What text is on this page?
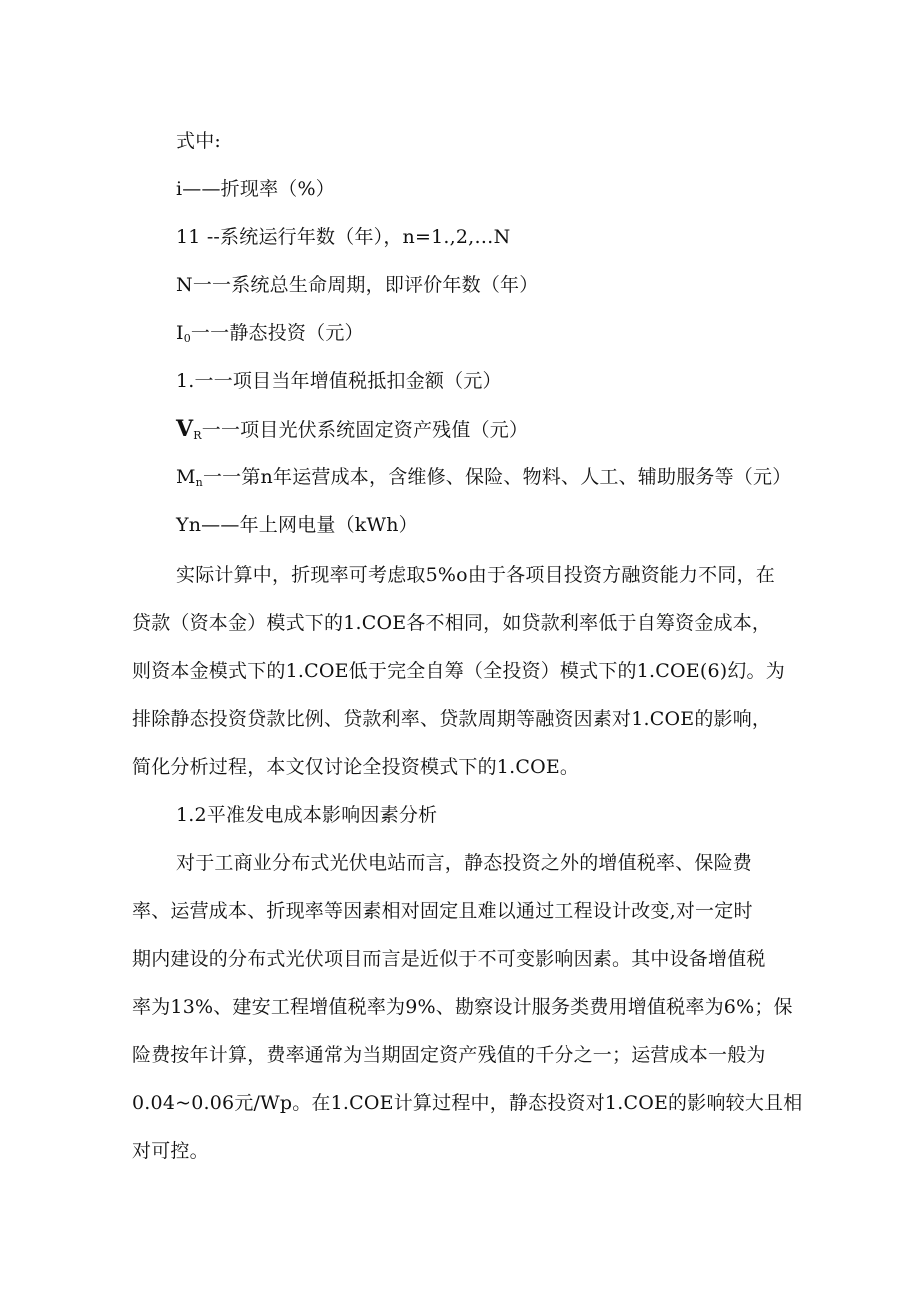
式中:
i——折现率（%）
11 --系统运行年数（年），n=1.,2,…N
N一一系统总生命周期，即评价年数（年）
$I_0$一一静态投资（元）
1.一一项目当年增值税抵扣金额（元）
$V_R$一一项目光伏系统固定资产残值（元）
$M_n$一一第n年运营成本，含维修、保险、物料、人工、辅助服务等（元）
Yn——年上网电量（kWh）
实际计算中，折现率可考虑取5%o由于各项目投资方融资能力不同，在
贷款（资本金）模式下的1.COE各不相同，如贷款利率低于自筹资金成本，
则资本金模式下的1.COE低于完全自筹（全投资）模式下的1.COE(6)幻。为
排除静态投资贷款比例、贷款利率、贷款周期等融资因素对1.COE的影响，
简化分析过程，本文仅讨论全投资模式下的1.COE。
1.2平准发电成本影响因素分析
对于工商业分布式光伏电站而言，静态投资之外的增值税率、保险费
率、运营成本、折现率等因素相对固定且难以通过工程设计改变,对一定时
期内建设的分布式光伏项目而言是近似于不可变影响因素。其中设备增值税
率为13%、建安工程增值税率为9%、勘察设计服务类费用增值税率为6%；保
险费按年计算，费率通常为当期固定资产残值的千分之一；运营成本一般为
0.04~0.06元/Wp。在1.COE计算过程中，静态投资对1.COE的影响较大且相
对可控。
